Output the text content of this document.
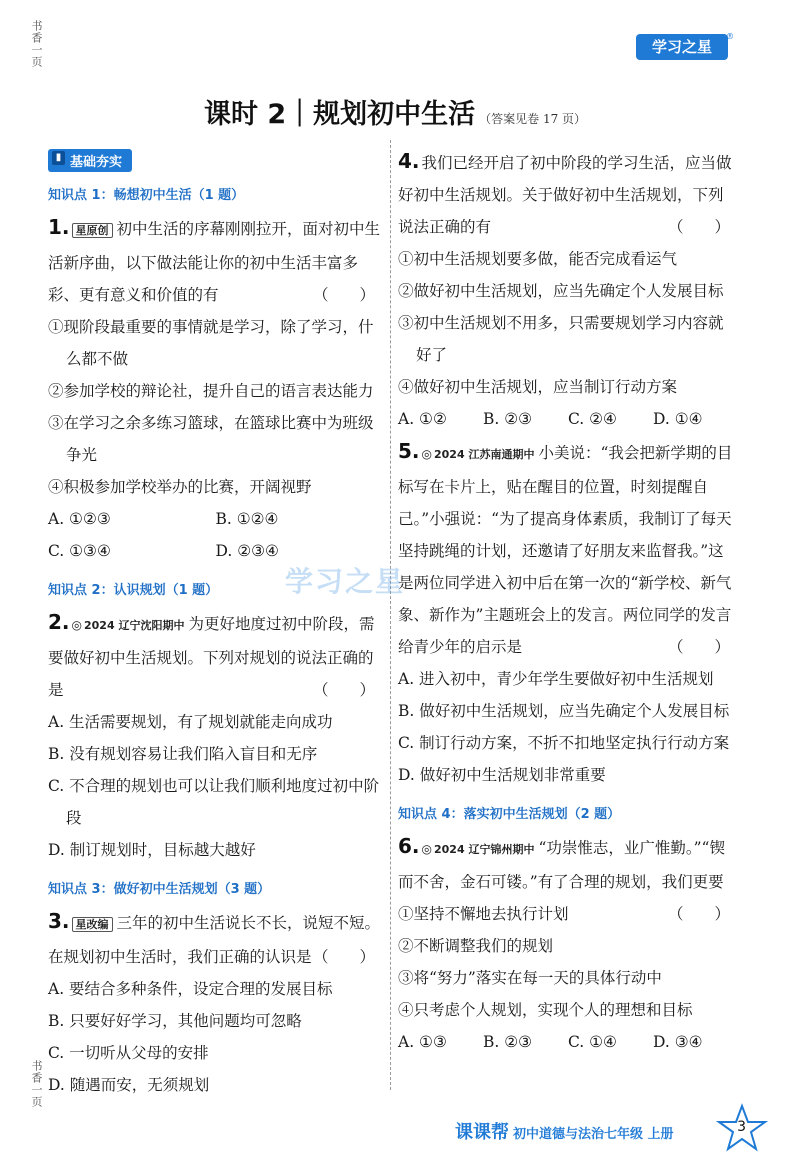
书香一页
书香一页
学习之星
®
课时 2｜规划初中生活 （答案见卷 17 页）
学习之星
▮ 基础夯实
知识点 1：畅想初中生活（1 题）
1. 星原创 初中生活的序幕刚刚拉开，面对初中生活新序曲，以下做法能让你的初中生活丰富多彩、更有意义和价值的有	（　　）
①现阶段最重要的事情就是学习，除了学习，什么都不做
②参加学校的辩论社，提升自己的语言表达能力
③在学习之余多练习篮球，在篮球比赛中为班级争光
④积极参加学校举办的比赛，开阔视野
A. ①②③	B. ①②④
C. ①③④	D. ②③④
知识点 2：认识规划（1 题）
2. ◎ 2024 辽宁沈阳期中 为更好地度过初中阶段，需要做好初中生活规划。下列对规划的说法正确的是	（　　）
A. 生活需要规划，有了规划就能走向成功
B. 没有规划容易让我们陷入盲目和无序
C. 不合理的规划也可以让我们顺利地度过初中阶段
D. 制订规划时，目标越大越好
知识点 3：做好初中生活规划（3 题）
3. 星改编 三年的初中生活说长不长，说短不短。在规划初中生活时，我们正确的认识是 （　　）
A. 要结合多种条件，设定合理的发展目标
B. 只要好好学习，其他问题均可忽略
C. 一切听从父母的安排
D. 随遇而安，无须规划
4. 我们已经开启了初中阶段的学习生活，应当做好初中生活规划。关于做好初中生活规划，下列说法正确的有	（　　）
①初中生活规划要多做，能否完成看运气
②做好初中生活规划，应当先确定个人发展目标
③初中生活规划不用多，只需要规划学习内容就好了
④做好初中生活规划，应当制订行动方案
A. ①②	B. ②③	C. ②④	D. ①④
5. ◎ 2024 江苏南通期中 小美说：“我会把新学期的目标写在卡片上，贴在醒目的位置，时刻提醒自己。”小强说：“为了提高身体素质，我制订了每天坚持跳绳的计划，还邀请了好朋友来监督我。”这是两位同学进入初中后在第一次的“新学校、新气象、新作为”主题班会上的发言。两位同学的发言给青少年的启示是	（　　）
A. 进入初中，青少年学生要做好初中生活规划
B. 做好初中生活规划，应当先确定个人发展目标
C. 制订行动方案，不折不扣地坚定执行行动方案
D. 做好初中生活规划非常重要
知识点 4：落实初中生活规划（2 题）
6. ◎ 2024 辽宁锦州期中 “功崇惟志，业广惟勤。”“锲而不舍，金石可镂。”有了合理的规划，我们更要
（　　）
①坚持不懈地去执行计划
②不断调整我们的规划
③将“努力”落实在每一天的具体行动中
④只考虑个人规划，实现个人的理想和目标
A. ①③	B. ②③	C. ①④	D. ③④
课课帮 初中道德与法治七年级 上册	3
